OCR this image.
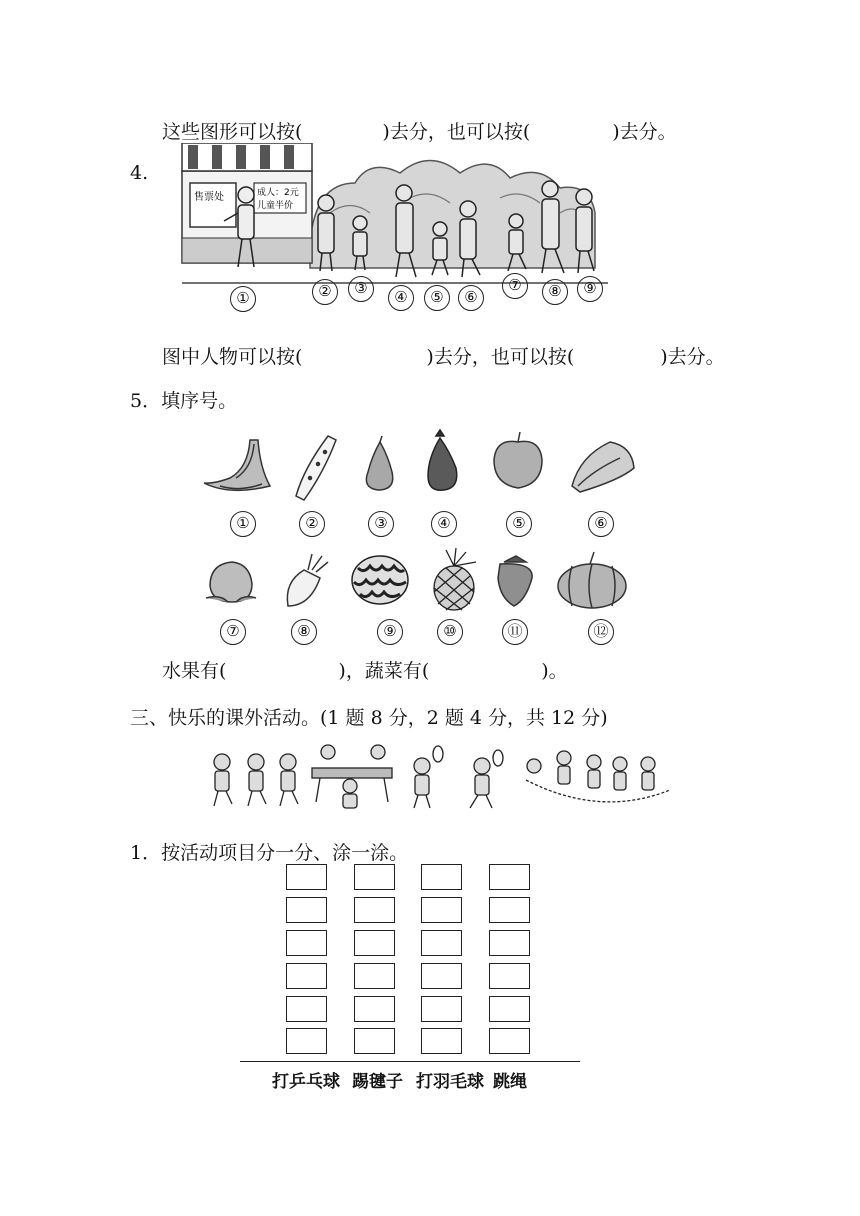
这些图形可以按(	)去分，也可以按(	)去分。
4.
售票处	成人：2元
儿童半价
①	②	③
④	⑤	⑥
⑦	⑧	⑨
图中人物可以按(	)去分，也可以按(	)去分。
5．填序号。
①	②	③	④	⑤	⑥
⑦	⑧	⑨	⑩	⑪	⑫
水果有(	)，蔬菜有(	)。
三、快乐的课外活动。(1 题 8 分，2 题 4 分，共 12 分)
1．按活动项目分一分、涂一涂。
打乒乓球 踢毽子 打羽毛球 跳绳
